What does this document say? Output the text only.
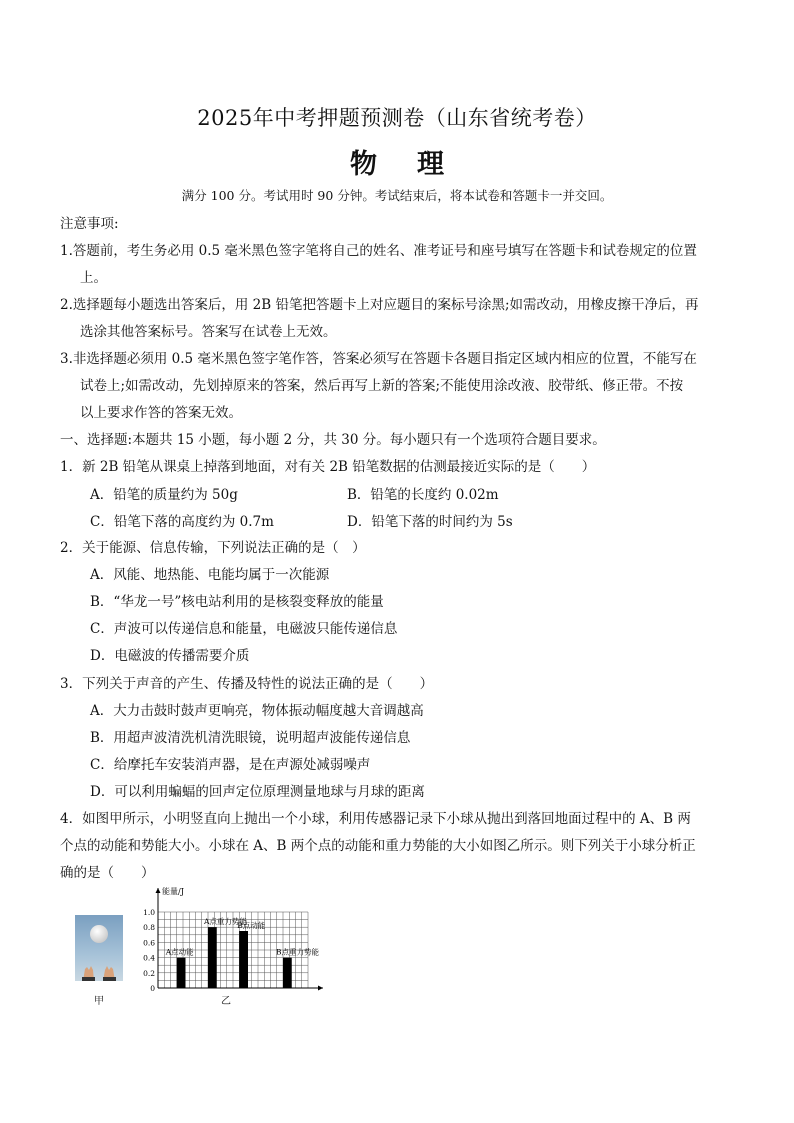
2025年中考押题预测卷（山东省统考卷）
物理
满分 100 分。考试用时 90 分钟。考试结束后，将本试卷和答题卡一并交回。
注意事项:
1.答题前，考生务必用 0.5 毫米黑色签字笔将自己的姓名、准考证号和座号填写在答题卡和试卷规定的位置
上。
2.选择题每小题选出答案后，用 2B 铅笔把答题卡上对应题目的案标号涂黑;如需改动，用橡皮擦干净后，再
选涂其他答案标号。答案写在试卷上无效。
3.非选择题必须用 0.5 毫米黑色签字笔作答，答案必须写在答题卡各题目指定区域内相应的位置，不能写在
试卷上;如需改动，先划掉原来的答案，然后再写上新的答案;不能使用涂改液、胶带纸、修正带。不按
以上要求作答的答案无效。
一、选择题:本题共 15 小题，每小题 2 分，共 30 分。每小题只有一个选项符合题目要求。
1．新 2B 铅笔从课桌上掉落到地面，对有关 2B 铅笔数据的估测最接近实际的是（　　）
A．铅笔的质量约为 50g	B．铅笔的长度约 0.02m
C．铅笔下落的高度约为 0.7m	D．铅笔下落的时间约为 5s
2．关于能源、信息传输，下列说法正确的是（　）
A．风能、地热能、电能均属于一次能源
B．“华龙一号”核电站利用的是核裂变释放的能量
C．声波可以传递信息和能量，电磁波只能传递信息
D．电磁波的传播需要介质
3．下列关于声音的产生、传播及特性的说法正确的是（　　）
A．大力击鼓时鼓声更响亮，物体振动幅度越大音调越高
B．用超声波清洗机清洗眼镜，说明超声波能传递信息
C．给摩托车安装消声器，是在声源处减弱噪声
D．可以利用蝙蝠的回声定位原理测量地球与月球的距离
4．如图甲所示，小明竖直向上抛出一个小球，利用传感器记录下小球从抛出到落回地面过程中的 A、B 两
个点的动能和势能大小。小球在 A、B 两个点的动能和重力势能的大小如图乙所示。则下列关于小球分析正
确的是（　　）
甲
能量/J
0
0.2
0.4
0.6
0.8
1.0
A点动能
A点重力势能
B点动能
B点重力势能
乙
